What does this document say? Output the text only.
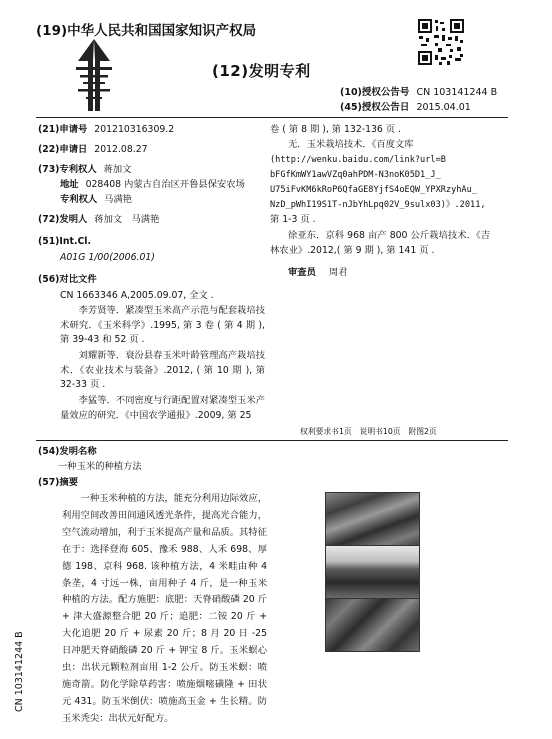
(19)中华人民共和国国家知识产权局
(12)发明专利
(10)授权公告号 CN 103141244 B
(45)授权公告日 2015.04.01
(21)申请号 201210316309.2
(22)申请日 2012.08.27
(73)专利权人 蒋加文
地址 028408 内蒙古自治区开鲁县保安农场
专利权人 马满艳
(72)发明人 蒋加文　马满艳
(51)Int.Cl.
A01G 1/00(2006.01)
(56)对比文件
CN 1663346 A,2005.09.07, 全文 .
李芳贤等．紧凑型玉米高产示范与配套栽培技术研究．《玉米科学》.1995, 第 3 卷 ( 第 4 期 ), 第 39-43 和 52 页 .
刘耀新等．衰汾县春玉米叶龄管理高产栽培技术．《农业技术与装备》.2012, ( 第 10 期 ), 第 32-33 页 .
李猛等．不同密度与行距配置对紧凑型玉米产量效应的研究．《中国农学通报》.2009, 第 25
卷 ( 第 8 期 ), 第 132-136 页 .
无．玉米栽培技术．《百度文库
(http://wenku.baidu.com/link?url=B
bFGfKmWY1awVZq0ahPDM-N3noK05D1_J_
U75iFvKM6kRoP6QfaGE8YjfS4oEQW_YPXRzyhAu_
NzD_pWhI19S1T-nJbYhLpq02V_9sulx03)》.2011,
第 1-3 页 .
徐亚东．京科 968 亩产 800 公斤栽培技术．《吉林农业》.2012,( 第 9 期 ), 第 141 页 .
审查员 周君
权利要求书1页　说明书10页　附图2页
(54)发明名称
一种玉米的种植方法
(57)摘要
一种玉米种植的方法，能充分利用边际效应，利用空间改善田间通风透光条件，提高光合能力，空气流动增加，利于玉米提高产量和品质。其特征在于：选择登海 605、豫禾 988、人禾 698、厚德 198、京科 968. 该种植方法，4 米畦由种 4 条垄，4 寸远一株，亩用种子 4 斤，是一种玉米种植的方法。配方施肥：底肥：天脊硝酸磷 20 斤 + 津大盛源整合肥 20 斤；追肥：二铵 20 斤 + 大化追肥 20 斤 + 尿素 20 斤；8 月 20 日 -25 日冲肥天脊硝酸磷 20 斤 + 钾宝 8 斤。玉米螟心虫：出状元颗粒剂亩用 1-2 公斤。防玉米螟：喷施奇箭。防化学除草药害：喷施烟嘧磺隆 + 田状元 431。防玉米倒伏：喷施高玉金 + 生长精。防玉米秃尖：出状元好配方。
CN 103141244 B
